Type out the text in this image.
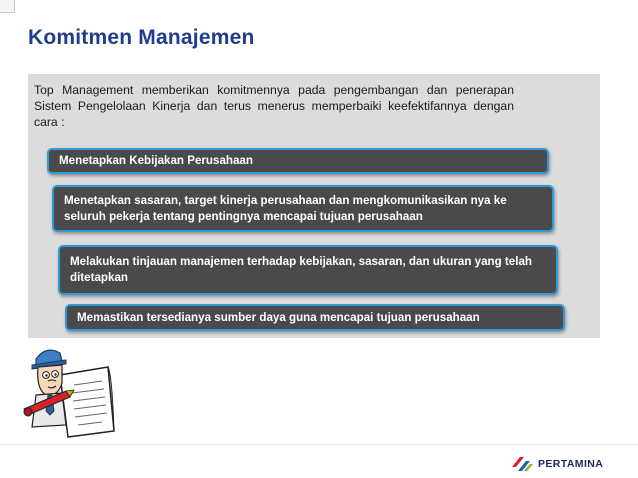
Komitmen Manajemen
Top Management memberikan komitmennya pada pengembangan dan penerapan Sistem Pengelolaan Kinerja dan terus menerus memperbaiki keefektifannya dengan cara :
Menetapkan Kebijakan Perusahaan
Menetapkan sasaran, target kinerja perusahaan dan mengkomunikasikan nya ke seluruh pekerja tentang pentingnya mencapai tujuan perusahaan
Melakukan tinjauan manajemen terhadap kebijakan, sasaran, dan ukuran yang telah ditetapkan
Memastikan tersedianya sumber daya guna mencapai tujuan perusahaan
PERTAMINA
